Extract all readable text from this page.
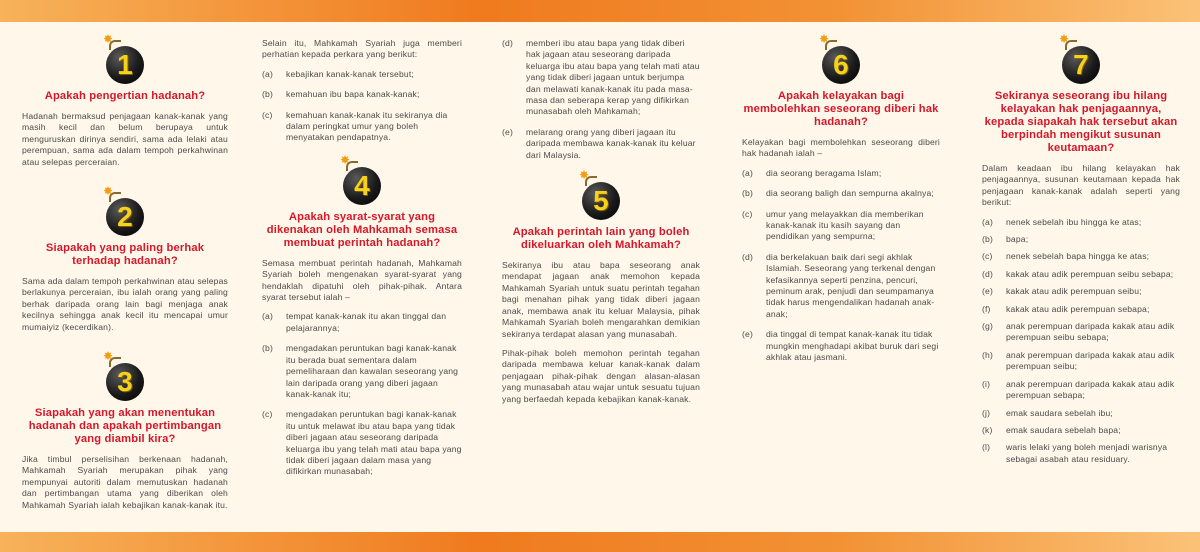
✸
1
Apakah pengertian hadanah?
Hadanah bermaksud penjagaan kanak-kanak yang masih kecil dan belum berupaya untuk menguruskan dirinya sendiri, sama ada lelaki atau perempuan, sama ada dalam tempoh perkahwinan atau selepas perceraian.
✸
2
Siapakah yang paling berhak terhadap hadanah?
Sama ada dalam tempoh perkahwinan atau selepas berlakunya perceraian, ibu ialah orang yang paling berhak daripada orang lain bagi menjaga anak kecilnya sehingga anak kecil itu mencapai umur mumaiyiz (kecerdikan).
✸
3
Siapakah yang akan menentukan hadanah dan apakah pertimbangan yang diambil kira?
Jika timbul perselisihan berkenaan hadanah, Mahkamah Syariah merupakan pihak yang mempunyai autoriti dalam memutuskan hadanah dan pertimbangan utama yang diberikan oleh Mahkamah Syariah ialah kebajikan kanak-kanak itu.
Selain itu, Mahkamah Syariah juga memberi perhatian kepada perkara yang berikut:
(a)	kebajikan kanak-kanak tersebut;
(b)	kemahuan ibu bapa kanak-kanak;
(c)	kemahuan kanak-kanak itu sekiranya dia dalam peringkat umur yang boleh menyatakan pendapatnya.
✸
4
Apakah syarat-syarat yang dikenakan oleh Mahkamah semasa membuat perintah hadanah?
Semasa membuat perintah hadanah, Mahkamah Syariah boleh mengenakan syarat-syarat yang hendaklah dipatuhi oleh pihak-pihak. Antara syarat tersebut ialah –
(a)	tempat kanak-kanak itu akan tinggal dan pelajarannya;
(b)	mengadakan peruntukan bagi kanak-kanak itu berada buat sementara dalam pemeliharaan dan kawalan seseorang yang lain daripada orang yang diberi jagaan kanak-kanak itu;
(c)	mengadakan peruntukan bagi kanak-kanak itu untuk melawat ibu atau bapa yang tidak diberi jagaan atau seseorang daripada keluarga ibu yang telah mati atau bapa yang tidak diberi jagaan dalam masa yang difikirkan munasabah;
(d)	memberi ibu atau bapa yang tidak diberi hak jagaan atau seseorang daripada keluarga ibu atau bapa yang telah mati atau yang tidak diberi jagaan untuk berjumpa dan melawati kanak-kanak itu pada masa-masa dan seberapa kerap yang difikirkan munasabah oleh Mahkamah;
(e)	melarang orang yang diberi jagaan itu daripada membawa kanak-kanak itu keluar dari Malaysia.
✸
5
Apakah perintah lain yang boleh dikeluarkan oleh Mahkamah?
Sekiranya ibu atau bapa seseorang anak mendapat jagaan anak memohon kepada Mahkamah Syariah untuk suatu perintah tegahan bagi menahan pihak yang tidak diberi jagaan anak, membawa anak itu keluar Malaysia, pihak Mahkamah Syariah boleh mengarahkan demikian sekiranya terdapat alasan yang munasabah.
Pihak-pihak boleh memohon perintah tegahan daripada membawa keluar kanak-kanak dalam penjagaan pihak-pihak dengan alasan-alasan yang munasabah atau wajar untuk sesuatu tujuan yang berfaedah kepada kebajikan kanak-kanak.
✸
6
Apakah kelayakan bagi membolehkan seseorang diberi hak hadanah?
Kelayakan bagi membolehkan seseorang diberi hak hadanah ialah –
(a)	dia seorang beragama Islam;
(b)	dia seorang baligh dan sempurna akalnya;
(c)	umur yang melayakkan dia memberikan kanak-kanak itu kasih sayang dan pendidikan yang sempurna;
(d)	dia berkelakuan baik dari segi akhlak Islamiah. Seseorang yang terkenal dengan kefasikannya seperti penzina, pencuri, peminum arak, penjudi dan seumpamanya tidak harus mengendalikan hadanah anak-anak;
(e)	dia tinggal di tempat kanak-kanak itu tidak mungkin menghadapi akibat buruk dari segi akhlak atau jasmani.
✸
7
Sekiranya seseorang ibu hilang kelayakan hak penjagaannya, kepada siapakah hak tersebut akan berpindah mengikut susunan keutamaan?
Dalam keadaan ibu hilang kelayakan hak penjagaannya, susunan keutamaan kepada hak penjagaan kanak-kanak adalah seperti yang berikut:
(a)	nenek sebelah ibu hingga ke atas;
(b)	bapa;
(c)	nenek sebelah bapa hingga ke atas;
(d)	kakak atau adik perempuan seibu sebapa;
(e)	kakak atau adik perempuan seibu;
(f)	kakak atau adik perempuan sebapa;
(g)	anak perempuan daripada kakak atau adik perempuan seibu sebapa;
(h)	anak perempuan daripada kakak atau adik perempuan seibu;
(i)	anak perempuan daripada kakak atau adik perempuan sebapa;
(j)	emak saudara sebelah ibu;
(k)	emak saudara sebelah bapa;
(l)	waris lelaki yang boleh menjadi warisnya sebagai asabah atau residuary.
